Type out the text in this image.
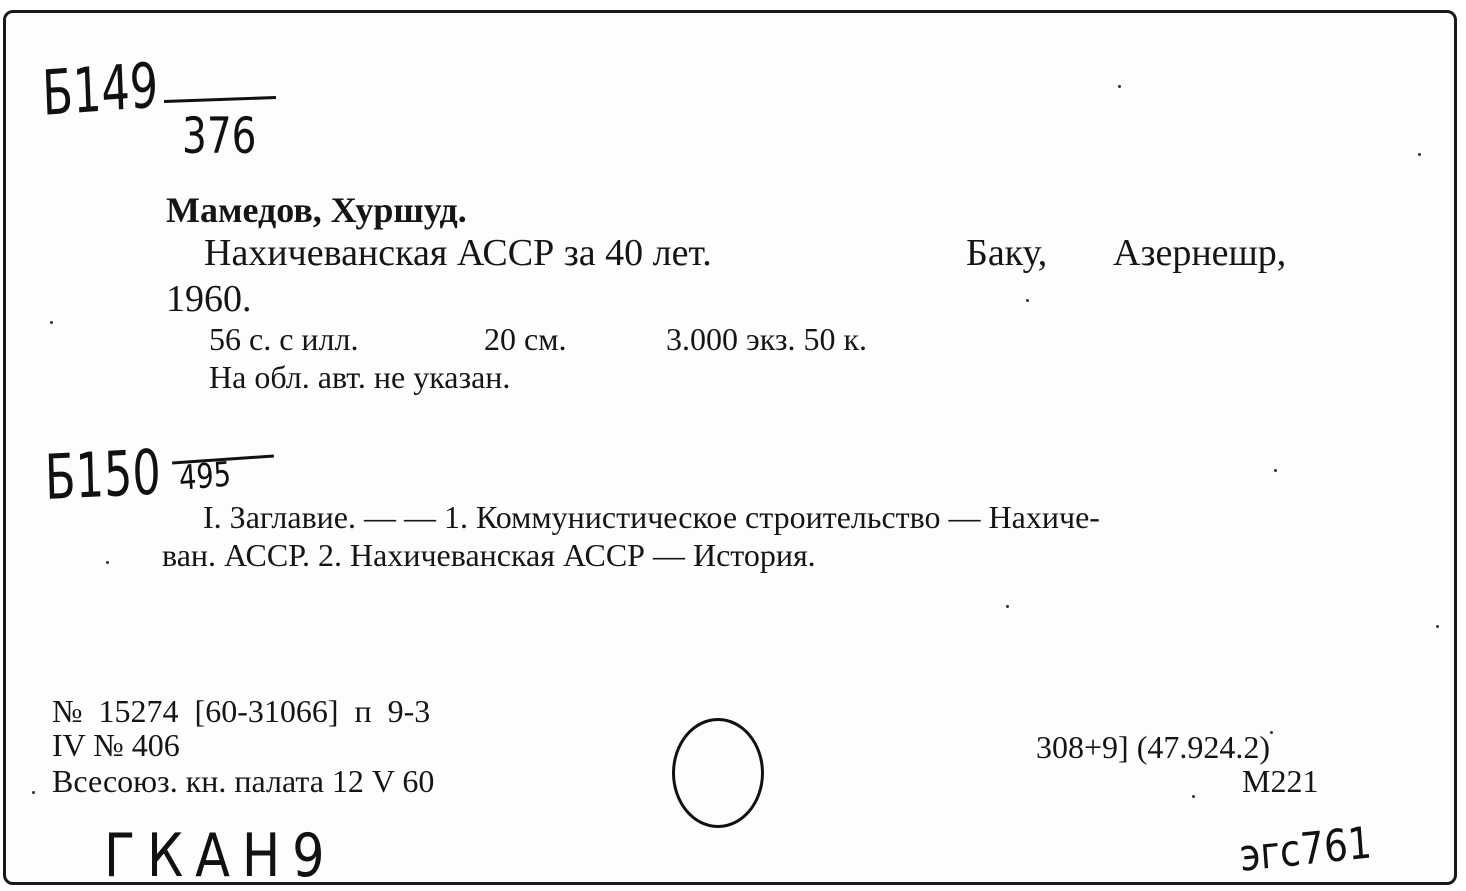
Б149
376
Мамедов, Хуршуд.
Нахичеванская АССР за 40 лет.	Баку, Азернешр,
1960.
56 с. с илл.	20 см.	3.000 экз. 50 к.
На обл. авт. не указан.
Б150 495
I. Заглавие. — — 1. Коммунистическое строительство — Нахиче-
ван. АССР. 2. Нахичеванская АССР — История.
№ 15274 [60-31066] п 9-3
IV № 406
Всесоюз. кн. палата 12 V 60
308+9] (47.924.2)
М221
ГКАН9	эгс761
